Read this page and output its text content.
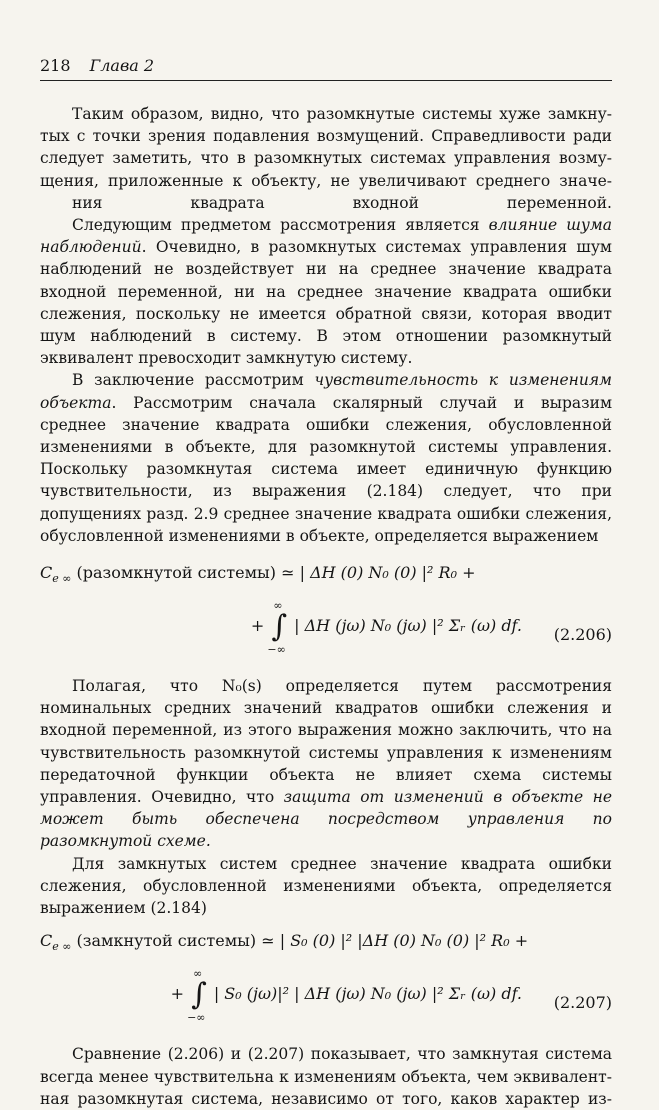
218 Глава 2

Таким образом, видно, что разомкнутые системы хуже замкну- тых с точки зрения подавления возмущений. Справедливости ради следует заметить, что в разомкнутых системах управления возму- щения, приложенные к объекту, не увеличивают среднего значе-
ния квадрата входной переменной.

Следующим предметом рассмотрения является влияние шума наблюдений. Очевидно, в разомкнутых системах управления шум наблюдений не воздействует ни на среднее значение квадрата входной переменной, ни на среднее значение квадрата ошибки слежения, поскольку не имеется обратной связи, которая вводит шум наблюдений в систему. В этом отношении разомкнутый эквивалент превосходит замкнутую систему.

В заключение рассмотрим чувствительность к изменениям объекта. Рассмотрим сначала скалярный случай и выразим среднее значение квадрата ошибки слежения, обусловленной изменениями в объекте, для разомкнутой системы управления. Поскольку разомкнутая система имеет единичную функцию чувствительности, из выражения (2.184) следует, что при допущениях разд. 2.9 среднее значение квадрата ошибки слежения, обусловленной изменениями в объекте, определяется выражением

$C_{e \infty}$ (разомкнутой системы) ≃ | ΔH (0) N₀ (0) |² R₀ +
+
∞
∫
−∞
| ΔH (jω) N₀ (jω) |² Σᵣ (ω) df. (2.206)

Полагая, что N₀(s) определяется путем рассмотрения номинальных средних значений квадратов ошибки слежения и входной переменной, из этого выражения можно заключить, что на чувствительность разомкнутой системы управления к изменениям передаточной функции объекта не влияет схема системы управления. Очевидно, что защита от изменений в объекте не может быть обеспечена посредством управления по разомкнутой схеме.

Для замкнутых систем среднее значение квадрата ошибки слежения, обусловленной изменениями объекта, определяется выражением (2.184)

$C_{e \infty}$ (замкнутой системы) ≃ | S₀ (0) |² |ΔH (0) N₀ (0) |² R₀ +
+
∞
∫
−∞
| S₀ (jω)|² | ΔH (jω) N₀ (jω) |² Σᵣ (ω) df. (2.207)

Сравнение (2.206) и (2.207) показывает, что замкнутая система всегда менее чувствительна к изменениям объекта, чем эквивалент- ная разомкнутая система, независимо от того, каков характер из-
